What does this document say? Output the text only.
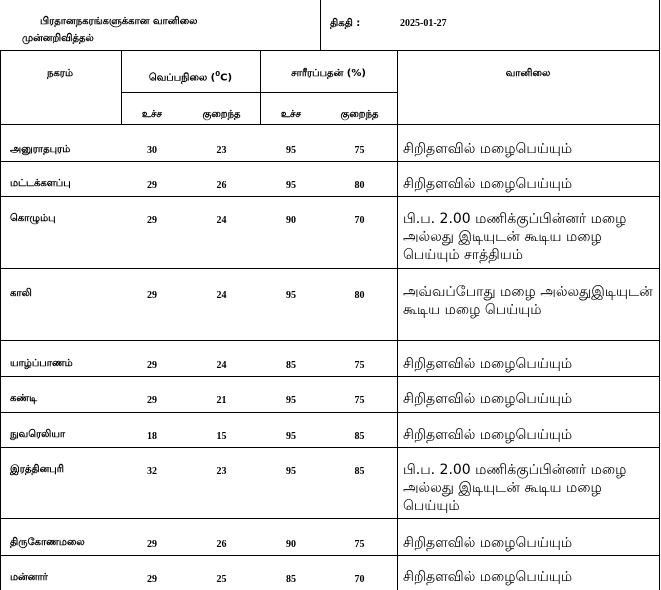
பிரதானநகரங்களுக்கான வானிலை
முன்னறிவித்தல்
திகதி :	2025-01-27
நகரம்	வெப்பநிலை ($^0$C)	சாரீரப்பதன் (%)	வானிலை
உச்ச	குறைந்த	உச்ச	குறைந்த
அனுராதபுரம்	30	23	95	75	சிறிதளவில் மழைபெய்யும்
மட்டக்களப்பு	29	26	95	80	சிறிதளவில் மழைபெய்யும்
கொழும்பு	29	24	90	70	பி.ப. 2.00 மணிக்குப்பின்னர் மழை அல்லது இடியுடன் கூடிய மழை பெய்யும் சாத்தியம்
காலி	29	24	95	80	அவ்வப்போது மழை அல்லதுஇடியுடன் கூடிய மழை பெய்யும்
யாழ்ப்பாணம்	29	24	85	75	சிறிதளவில் மழைபெய்யும்
கண்டி	29	21	95	75	சிறிதளவில் மழைபெய்யும்
நுவரெலியா	18	15	95	85	சிறிதளவில் மழைபெய்யும்
இரத்தினபுரி	32	23	95	85	பி.ப. 2.00 மணிக்குப்பின்னர் மழை அல்லது இடியுடன் கூடிய மழை பெய்யும்
திருகோணமலை	29	26	90	75	சிறிதளவில் மழைபெய்யும்
மன்னார்	29	25	85	70	சிறிதளவில் மழைபெய்யும்
